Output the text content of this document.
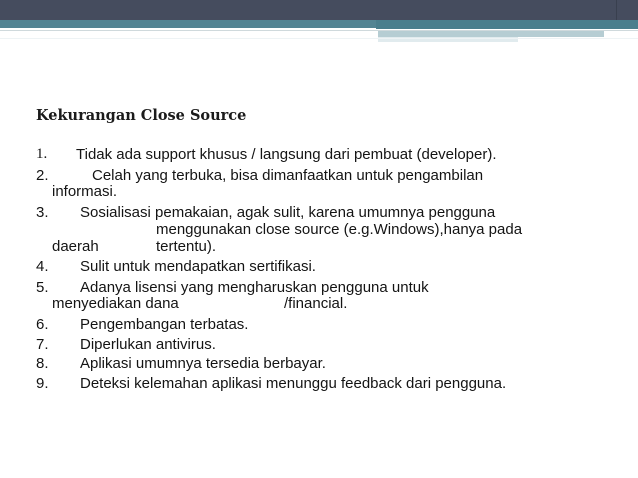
Kekurangan Close Source
1. Tidak ada support khusus / langsung dari pembuat (developer).
2.	Celah yang terbuka, bisa dimanfaatkan untuk pengambilan
informasi.
3. Sosialisasi pemakaian, agak sulit, karena umumnya pengguna
menggunakan close source (e.g.Windows),hanya pada
daerah	tertentu).
4. Sulit untuk mendapatkan sertifikasi.
5. Adanya lisensi yang mengharuskan pengguna untuk
menyediakan dana	/financial.
6. Pengembangan terbatas.
7. Diperlukan antivirus.
8. Aplikasi umumnya tersedia berbayar.
9. Deteksi kelemahan aplikasi menunggu feedback dari pengguna.
